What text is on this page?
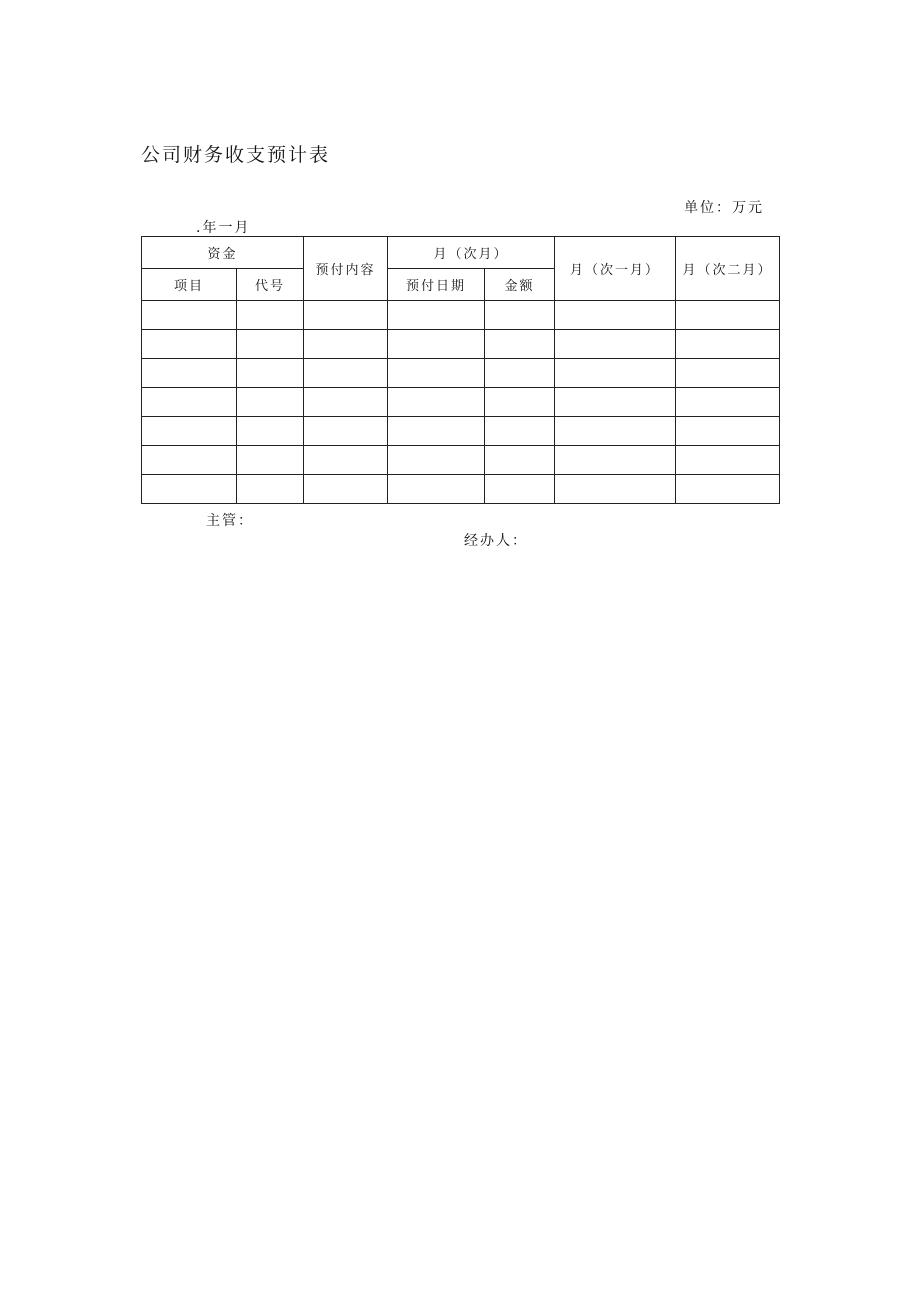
公司财务收支预计表
单位：万元
.年一月
资金		预付内容	月（次月）		月（次一月）	月（次二月）
项目	代号		预付日期	金额		

主管：
经办人：
